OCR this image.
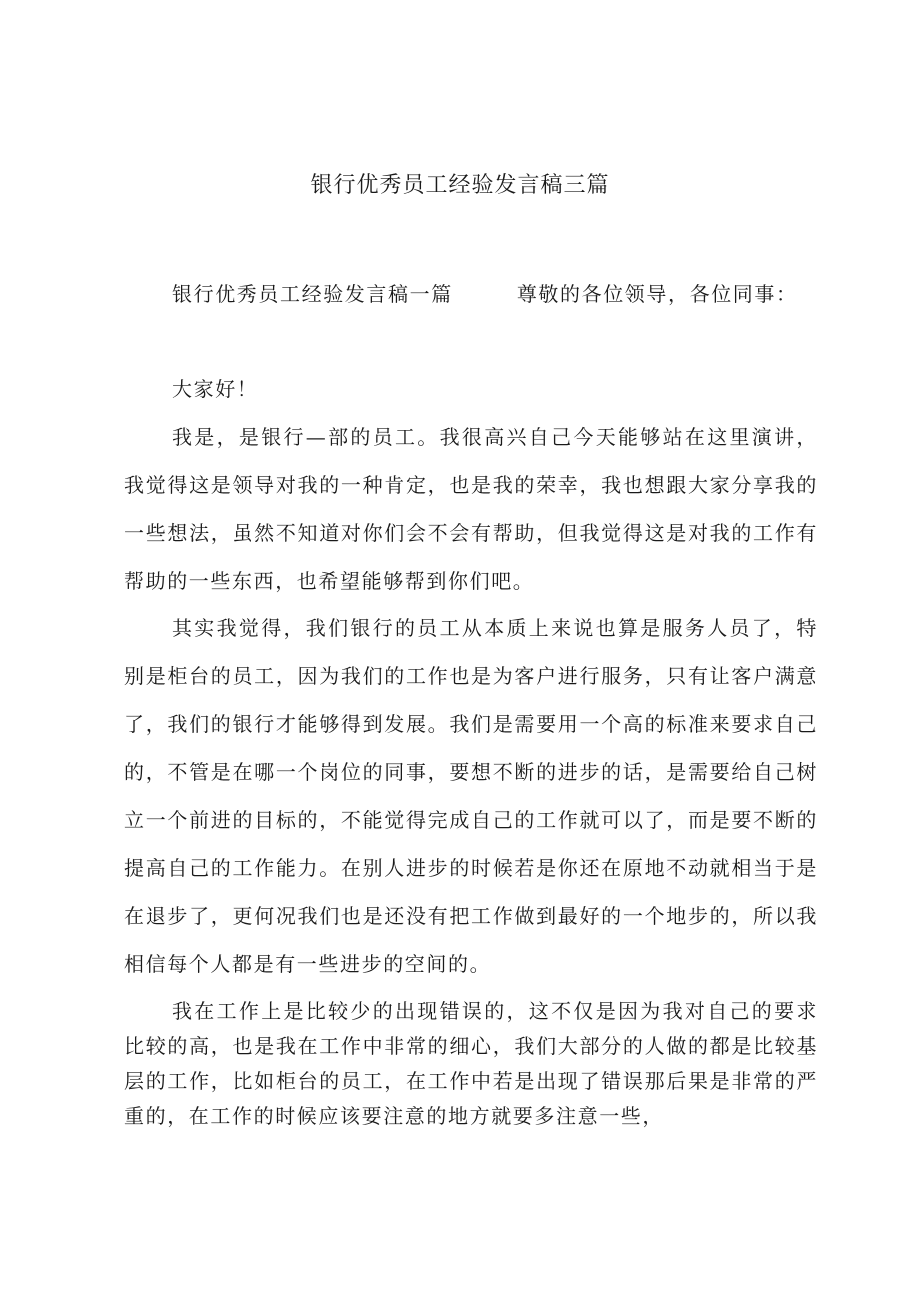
银行优秀员工经验发言稿三篇

银行优秀员工经验发言稿一篇	尊敬的各位领导，各位同事：

大家好！

我是，是银行—部的员工。我很高兴自己今天能够站在这里演讲，我觉得这是领导对我的一种肯定，也是我的荣幸，我也想跟大家分享我的一些想法，虽然不知道对你们会不会有帮助，但我觉得这是对我的工作有帮助的一些东西，也希望能够帮到你们吧。

其实我觉得，我们银行的员工从本质上来说也算是服务人员了，特别是柜台的员工，因为我们的工作也是为客户进行服务，只有让客户满意了，我们的银行才能够得到发展。我们是需要用一个高的标准来要求自己的，不管是在哪一个岗位的同事，要想不断的进步的话，是需要给自己树立一个前进的目标的，不能觉得完成自己的工作就可以了，而是要不断的提高自己的工作能力。在别人进步的时候若是你还在原地不动就相当于是在退步了，更何况我们也是还没有把工作做到最好的一个地步的，所以我相信每个人都是有一些进步的空间的。

我在工作上是比较少的出现错误的，这不仅是因为我对自己的要求比较的高，也是我在工作中非常的细心，我们大部分的人做的都是比较基层的工作，比如柜台的员工，在工作中若是出现了错误那后果是非常的严重的，在工作的时候应该要注意的地方就要多注意一些，
